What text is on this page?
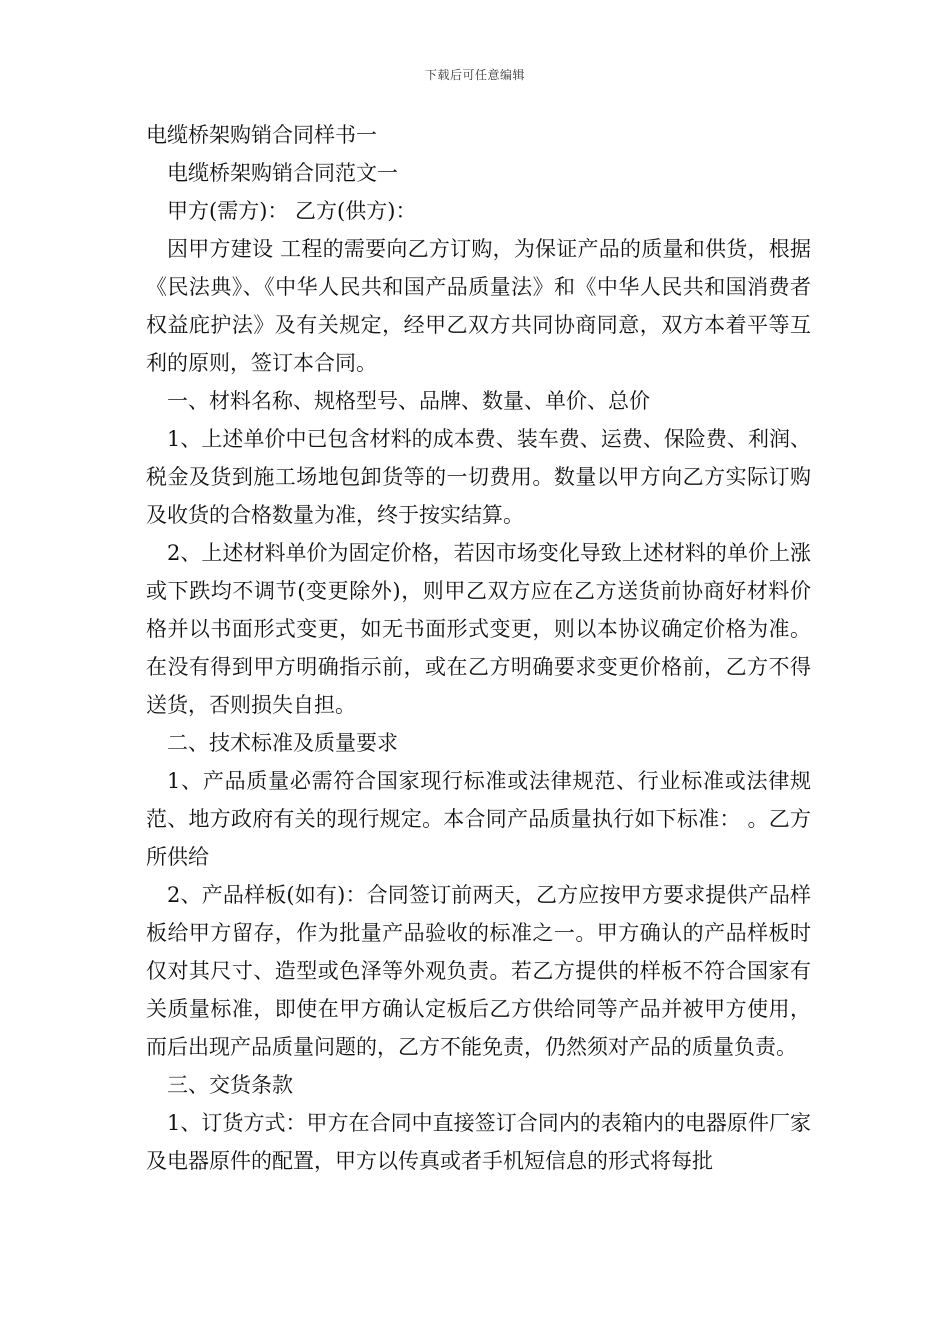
下载后可任意编辑

电缆桥架购销合同样书一

电缆桥架购销合同范文一

甲方(需方)： 乙方(供方)：

因甲方建设 工程的需要向乙方订购，为保证产品的质量和供货，根据《民法典》、《中华人民共和国产品质量法》和《中华人民共和国消费者权益庇护法》及有关规定，经甲乙双方共同协商同意，双方本着平等互利的原则，签订本合同。

一、材料名称、规格型号、品牌、数量、单价、总价

1、上述单价中已包含材料的成本费、装车费、运费、保险费、利润、税金及货到施工场地包卸货等的一切费用。数量以甲方向乙方实际订购及收货的合格数量为准，终于按实结算。

2、上述材料单价为固定价格，若因市场变化导致上述材料的单价上涨或下跌均不调节(变更除外)，则甲乙双方应在乙方送货前协商好材料价格并以书面形式变更，如无书面形式变更，则以本协议确定价格为准。在没有得到甲方明确指示前，或在乙方明确要求变更价格前，乙方不得送货，否则损失自担。

二、技术标准及质量要求

1、产品质量必需符合国家现行标准或法律规范、行业标准或法律规范、地方政府有关的现行规定。本合同产品质量执行如下标准： 。乙方所供给

2、产品样板(如有)：合同签订前两天，乙方应按甲方要求提供产品样板给甲方留存，作为批量产品验收的标准之一。甲方确认的产品样板时仅对其尺寸、造型或色泽等外观负责。若乙方提供的样板不符合国家有关质量标准，即使在甲方确认定板后乙方供给同等产品并被甲方使用，而后出现产品质量问题的，乙方不能免责，仍然须对产品的质量负责。

三、交货条款

1、订货方式：甲方在合同中直接签订合同内的表箱内的电器原件厂家及电器原件的配置，甲方以传真或者手机短信息的形式将每批
